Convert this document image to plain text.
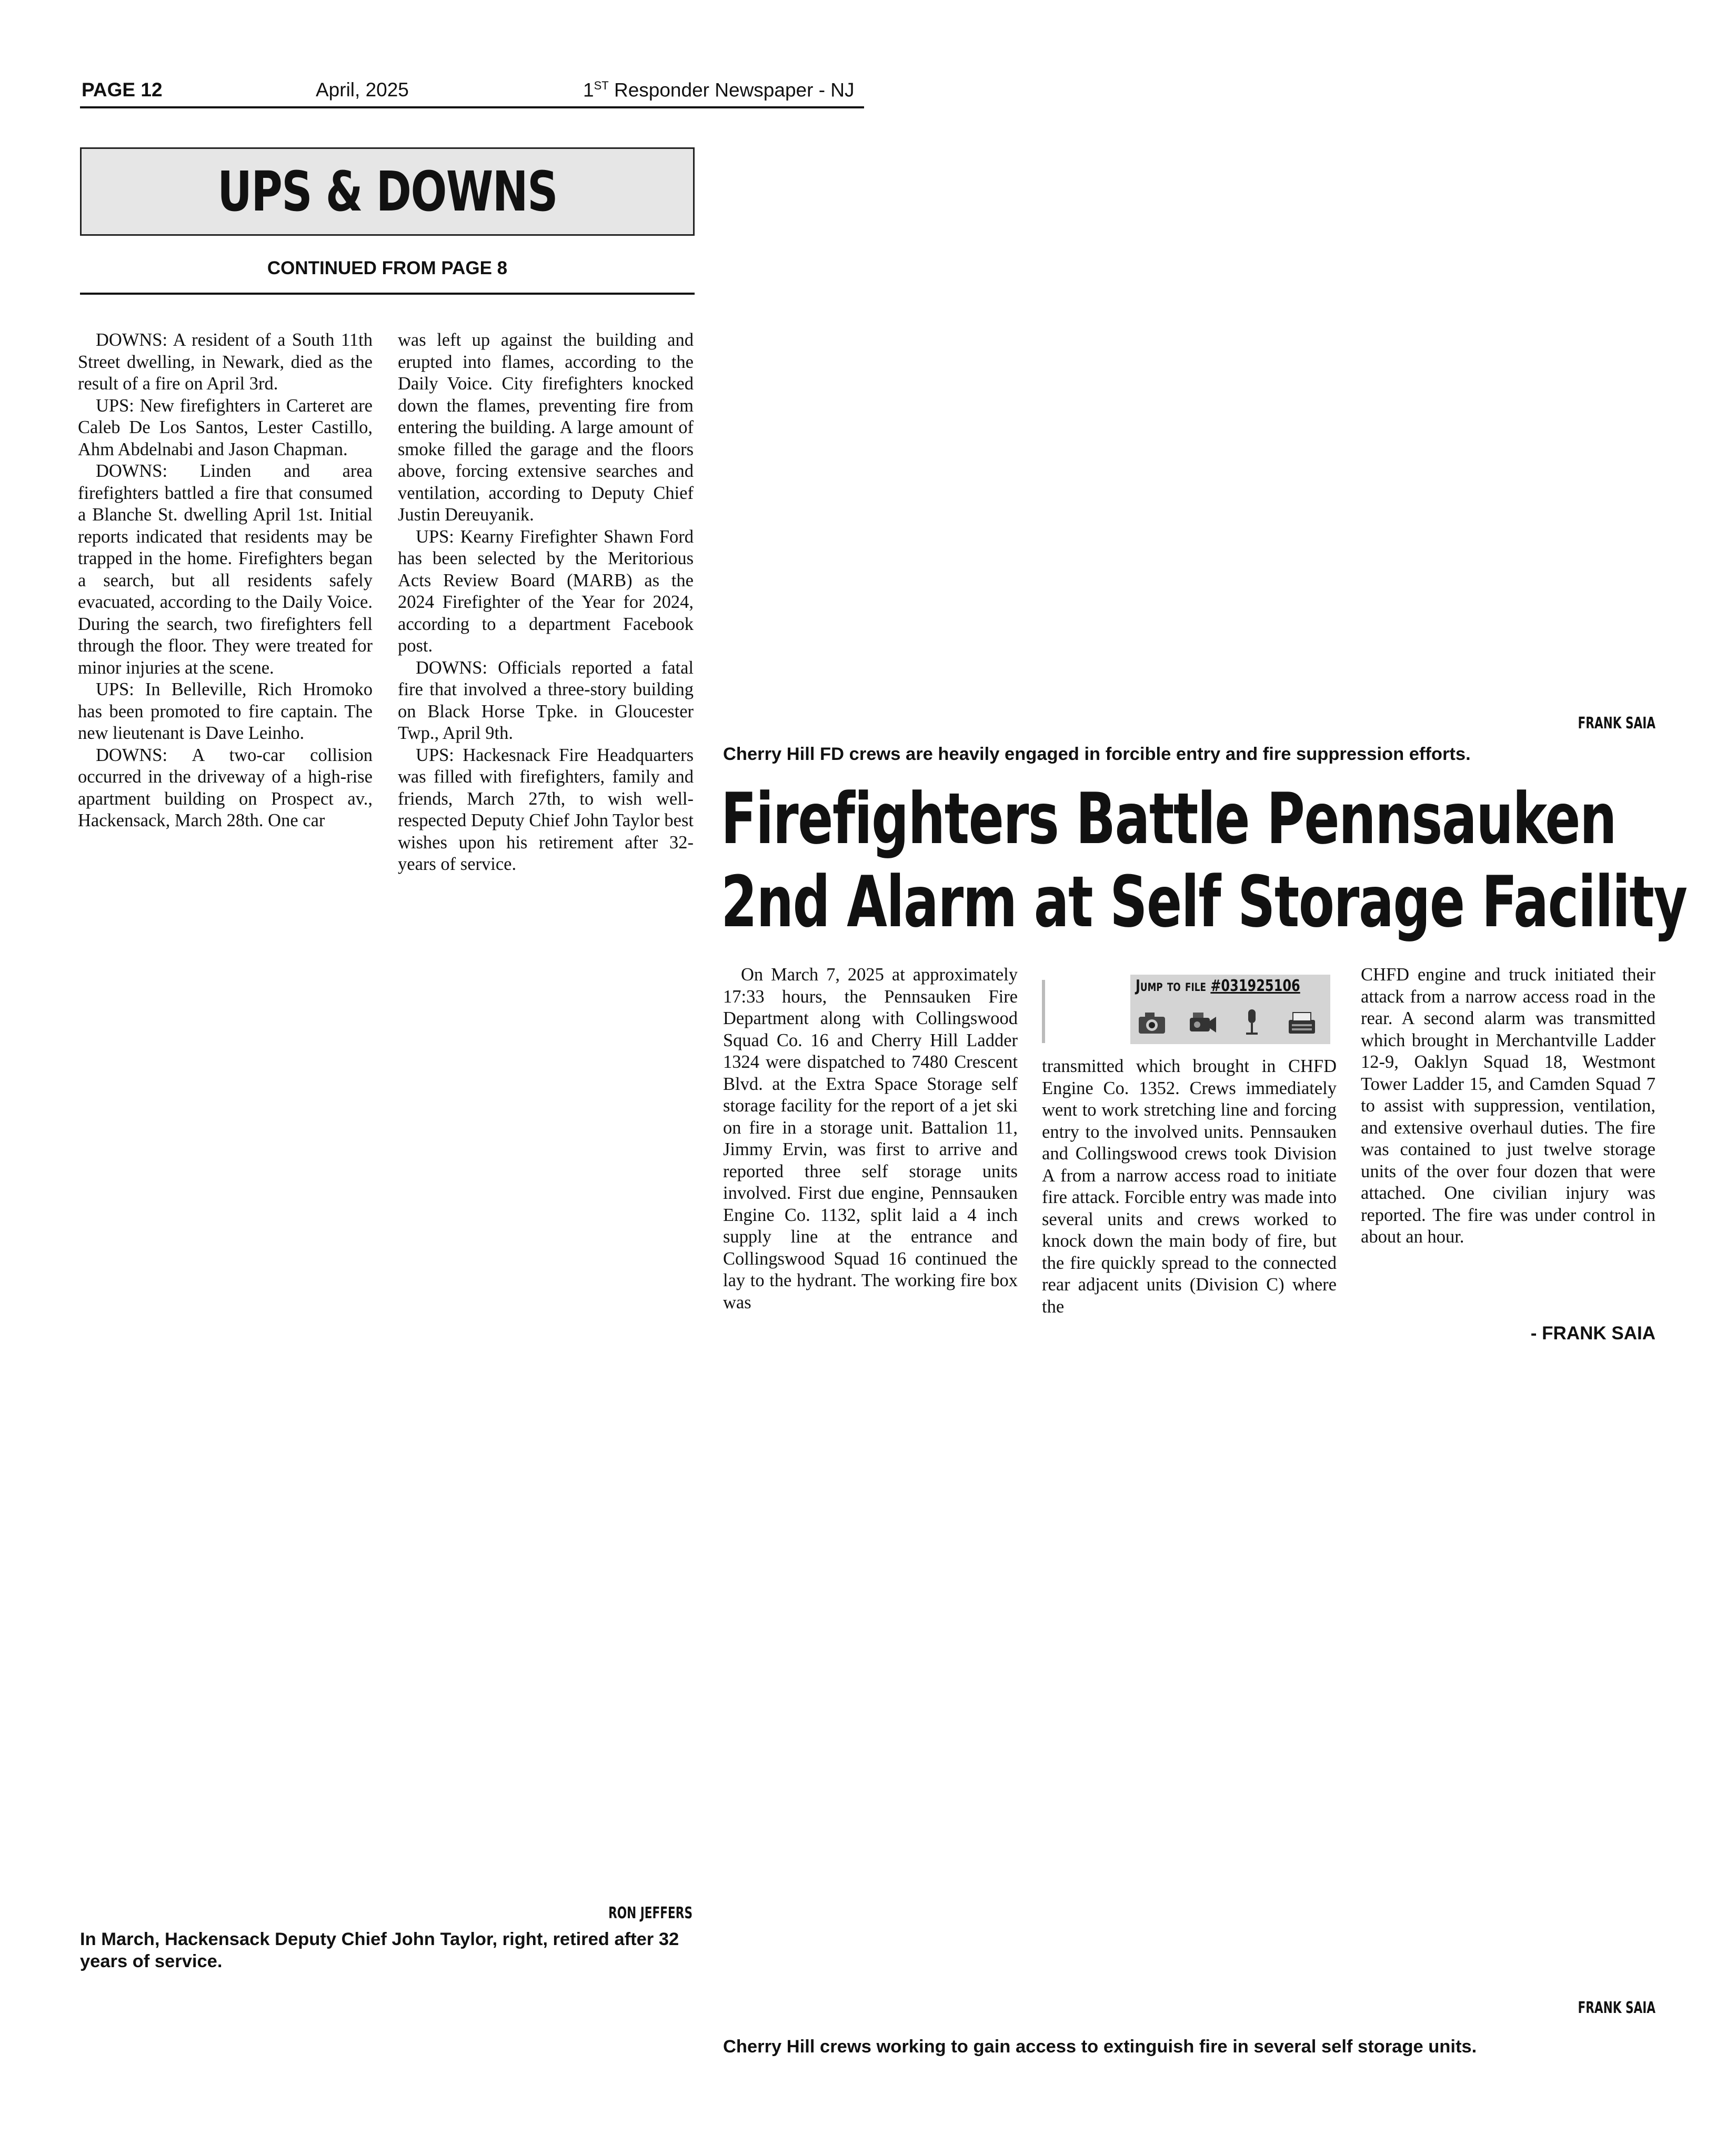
PAGE 12	April, 2025	1ST Responder Newspaper - NJ
UPS & DOWNS
CONTINUED FROM PAGE 8

DOWNS: A resident of a South 11th Street dwelling, in Newark, died as the result of a fire on April 3rd.

UPS: New firefighters in Carteret are Caleb De Los Santos, Lester Castillo, Ahm Abdelnabi and Jason Chapman.

DOWNS: Linden and area firefighters battled a fire that consumed a Blanche St. dwelling April 1st. Initial reports indicated that residents may be trapped in the home. Firefighters began a search, but all residents safely evacuated, according to the Daily Voice. During the search, two firefighters fell through the floor. They were treated for minor injuries at the scene.

UPS: In Belleville, Rich Hromoko has been promoted to fire captain. The new lieutenant is Dave Leinho.

DOWNS: A two-car collision occurred in the driveway of a high-rise apartment building on Prospect av., Hackensack, March 28th. One car

was left up against the building and erupted into flames, according to the Daily Voice. City firefighters knocked down the flames, preventing fire from entering the building. A large amount of smoke filled the garage and the floors above, forcing extensive searches and ventilation, according to Deputy Chief Justin Dereuyanik.

UPS: Kearny Firefighter Shawn Ford has been selected by the Meritorious Acts Review Board (MARB) as the 2024 Firefighter of the Year for 2024, according to a department Facebook post.

DOWNS: Officials reported a fatal fire that involved a three-story building on Black Horse Tpke. in Gloucester Twp., April 9th.

UPS: Hackesnack Fire Headquarters was filled with firefighters, family and friends, March 27th, to wish well-respected Deputy Chief John Taylor best wishes upon his retirement after 32-years of service.

RON JEFFERS
In March, Hackensack Deputy Chief John Taylor, right, retired after 32 years of service.
FRANK SAIA
Cherry Hill FD crews are heavily engaged in forcible entry and fire suppression efforts.
Firefighters Battle Pennsauken
2nd Alarm at Self Storage Facility

On March 7, 2025 at approximately 17:33 hours, the Pennsauken Fire Department along with Collingswood Squad Co. 16 and Cherry Hill Ladder 1324 were dispatched to 7480 Crescent Blvd. at the Extra Space Storage self storage facility for the report of a jet ski on fire in a storage unit. Battalion 11, Jimmy Ervin, was first to arrive and reported three self storage units involved. First due engine, Pennsauken Engine Co. 1132, split laid a 4 inch supply line at the entrance and Collingswood Squad 16 continued the lay to the hydrant. The working fire box was

Jump to file #031925106

transmitted which brought in CHFD Engine Co. 1352. Crews immediately went to work stretching line and forcing entry to the involved units. Pennsauken and Collingswood crews took Division A from a narrow access road to initiate fire attack. Forcible entry was made into several units and crews worked to knock down the main body of fire, but the fire quickly spread to the connected rear adjacent units (Division C) where the

CHFD engine and truck initiated their attack from a narrow access road in the rear. A second alarm was transmitted which brought in Merchantville Ladder 12-9, Oaklyn Squad 18, Westmont Tower Ladder 15, and Camden Squad 7 to assist with suppression, ventilation, and extensive overhaul duties. The fire was contained to just twelve storage units of the over four dozen that were attached. One civilian injury was reported. The fire was under control in about an hour.

- FRANK SAIA
FRANK SAIA
Cherry Hill crews working to gain access to extinguish fire in several self storage units.
